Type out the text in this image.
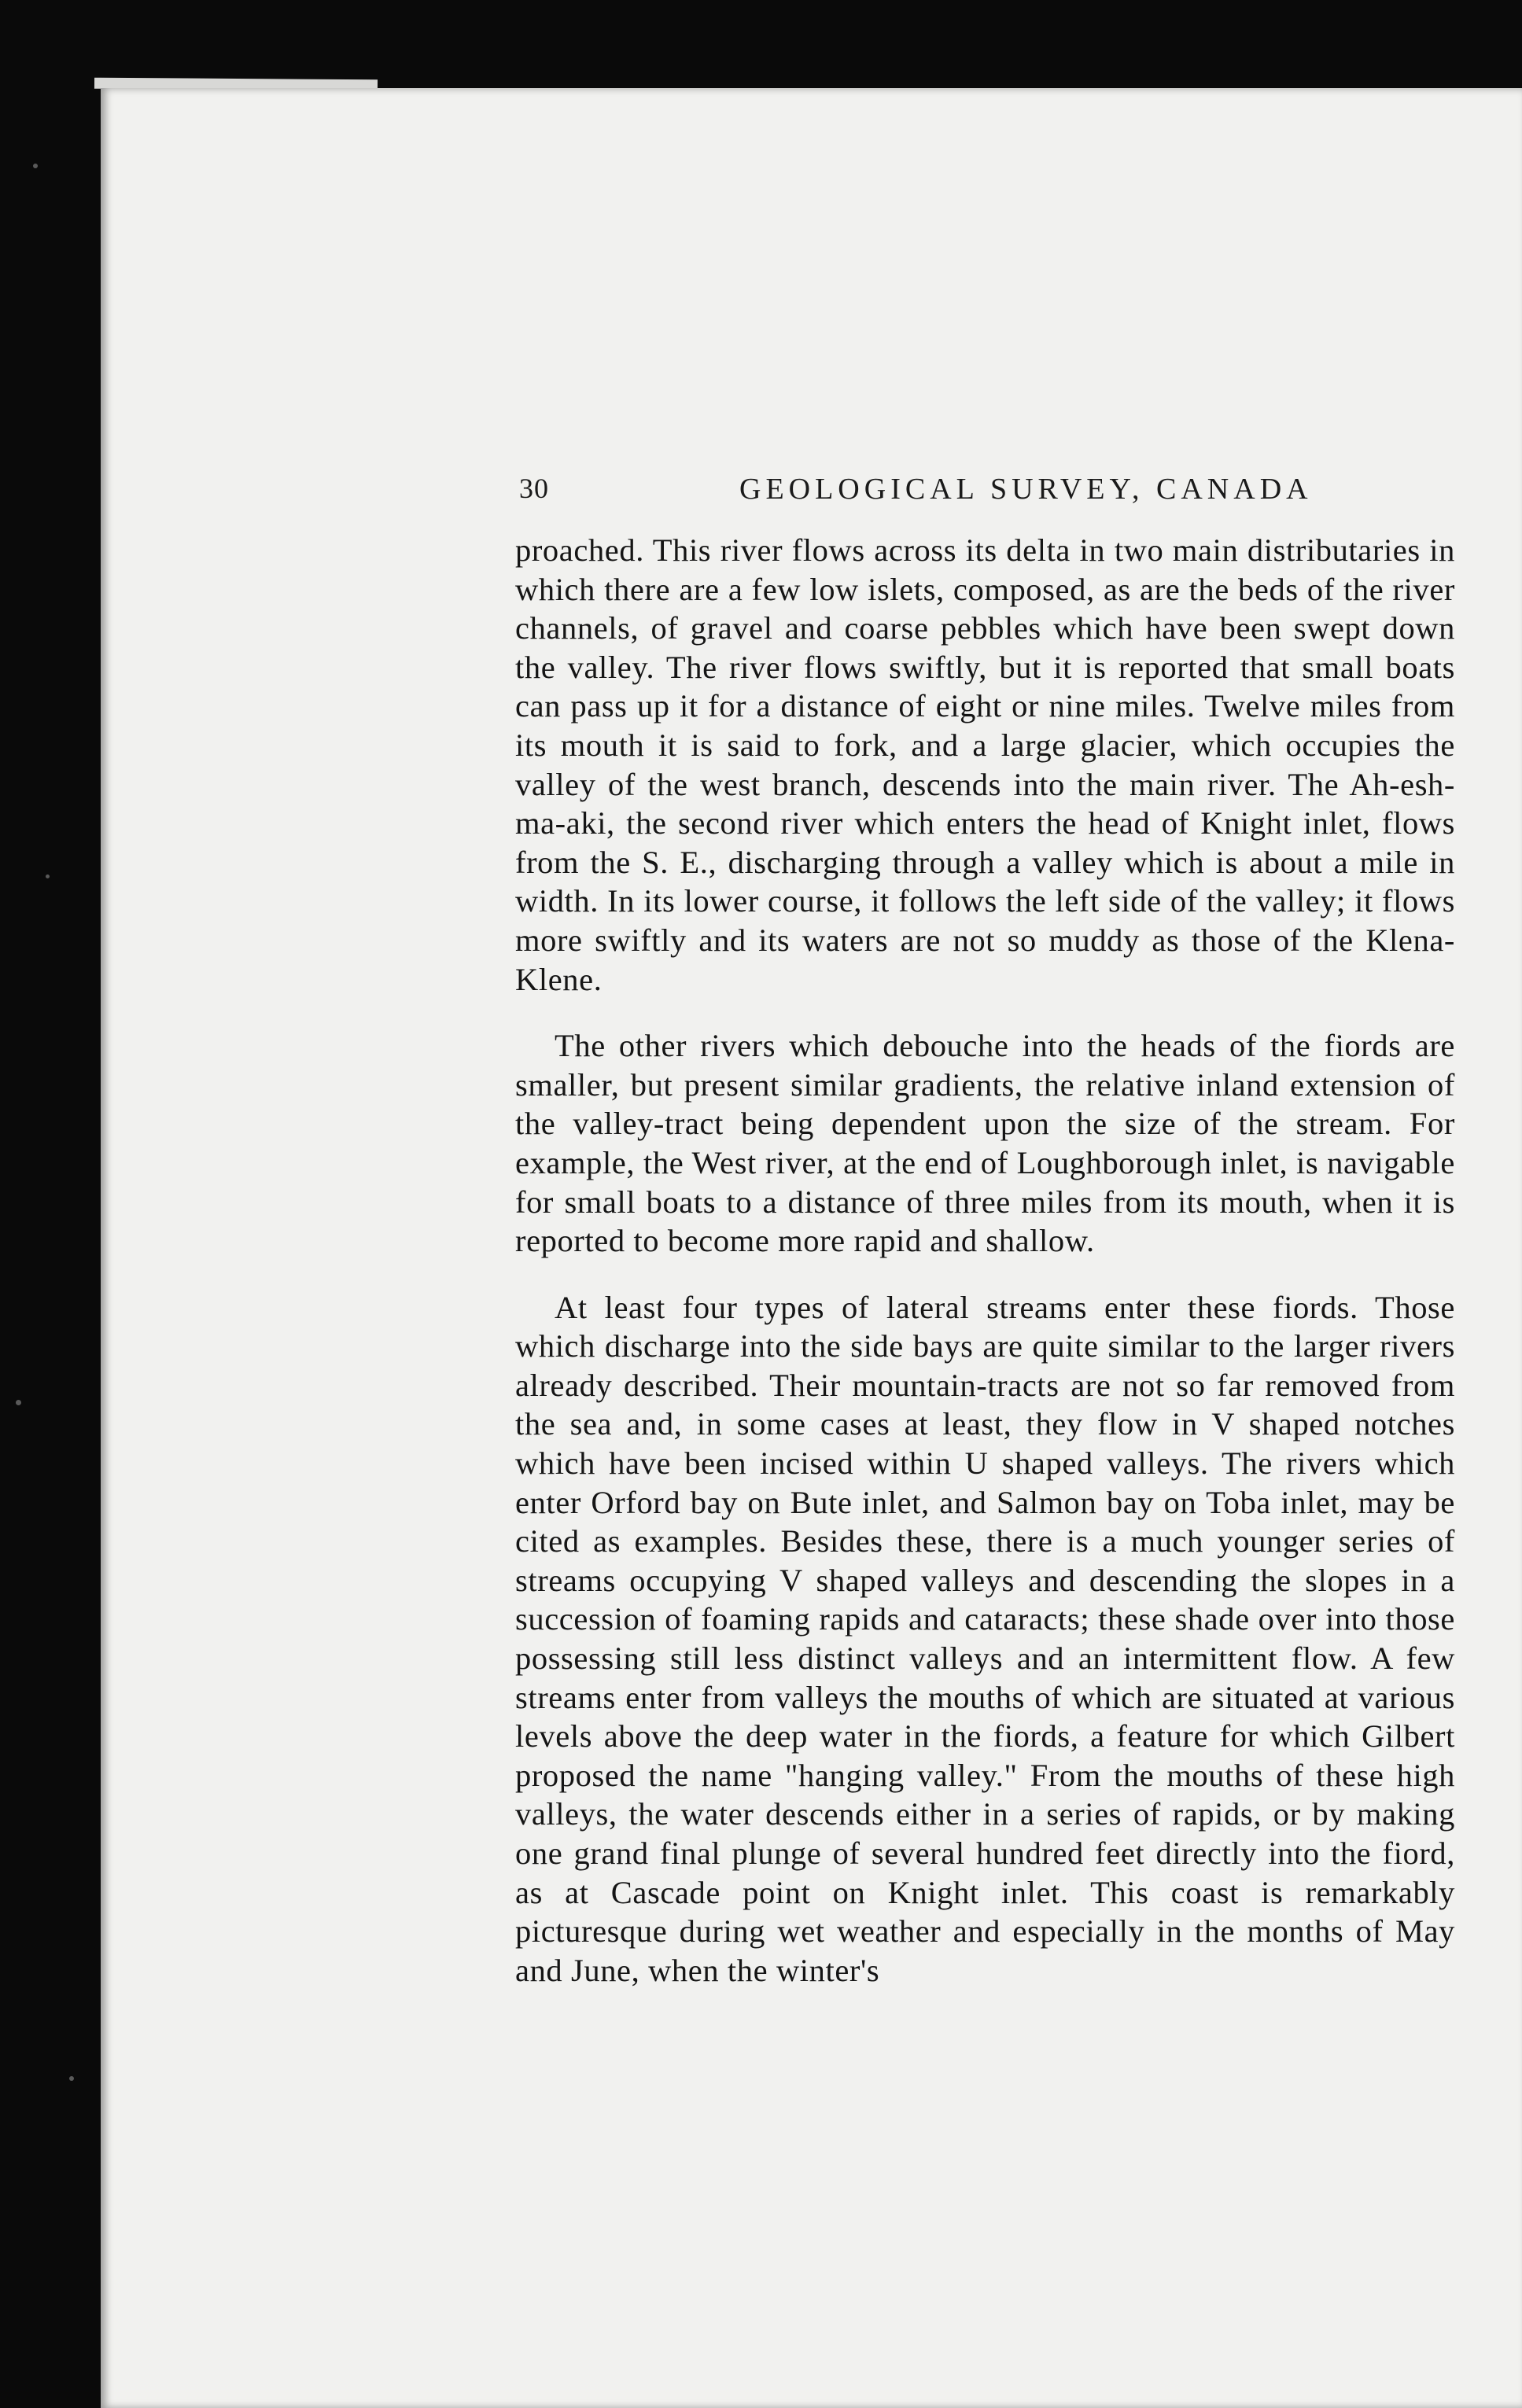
30	GEOLOGICAL SURVEY, CANADA

proached. This river flows across its delta in two main distributaries in which there are a few low islets, composed, as are the beds of the river channels, of gravel and coarse pebbles which have been swept down the valley. The river flows swiftly, but it is reported that small boats can pass up it for a distance of eight or nine miles. Twelve miles from its mouth it is said to fork, and a large glacier, which occupies the valley of the west branch, descends into the main river. The Ah-esh-ma-aki, the second river which enters the head of Knight inlet, flows from the S. E., discharging through a valley which is about a mile in width. In its lower course, it follows the left side of the valley; it flows more swiftly and its waters are not so muddy as those of the Klena-Klene.

The other rivers which debouche into the heads of the fiords are smaller, but present similar gradients, the relative inland extension of the valley-tract being dependent upon the size of the stream. For example, the West river, at the end of Loughborough inlet, is navigable for small boats to a distance of three miles from its mouth, when it is reported to become more rapid and shallow.

At least four types of lateral streams enter these fiords. Those which discharge into the side bays are quite similar to the larger rivers already described. Their mountain-tracts are not so far removed from the sea and, in some cases at least, they flow in V shaped notches which have been incised within U shaped valleys. The rivers which enter Orford bay on Bute inlet, and Salmon bay on Toba inlet, may be cited as examples. Besides these, there is a much younger series of streams occupying V shaped valleys and descending the slopes in a succession of foaming rapids and cataracts; these shade over into those possessing still less distinct valleys and an intermittent flow. A few streams enter from valleys the mouths of which are situated at various levels above the deep water in the fiords, a feature for which Gilbert proposed the name "hanging valley." From the mouths of these high valleys, the water descends either in a series of rapids, or by making one grand final plunge of several hundred feet directly into the fiord, as at Cascade point on Knight inlet. This coast is remarkably picturesque during wet weather and especially in the months of May and June, when the winter's
